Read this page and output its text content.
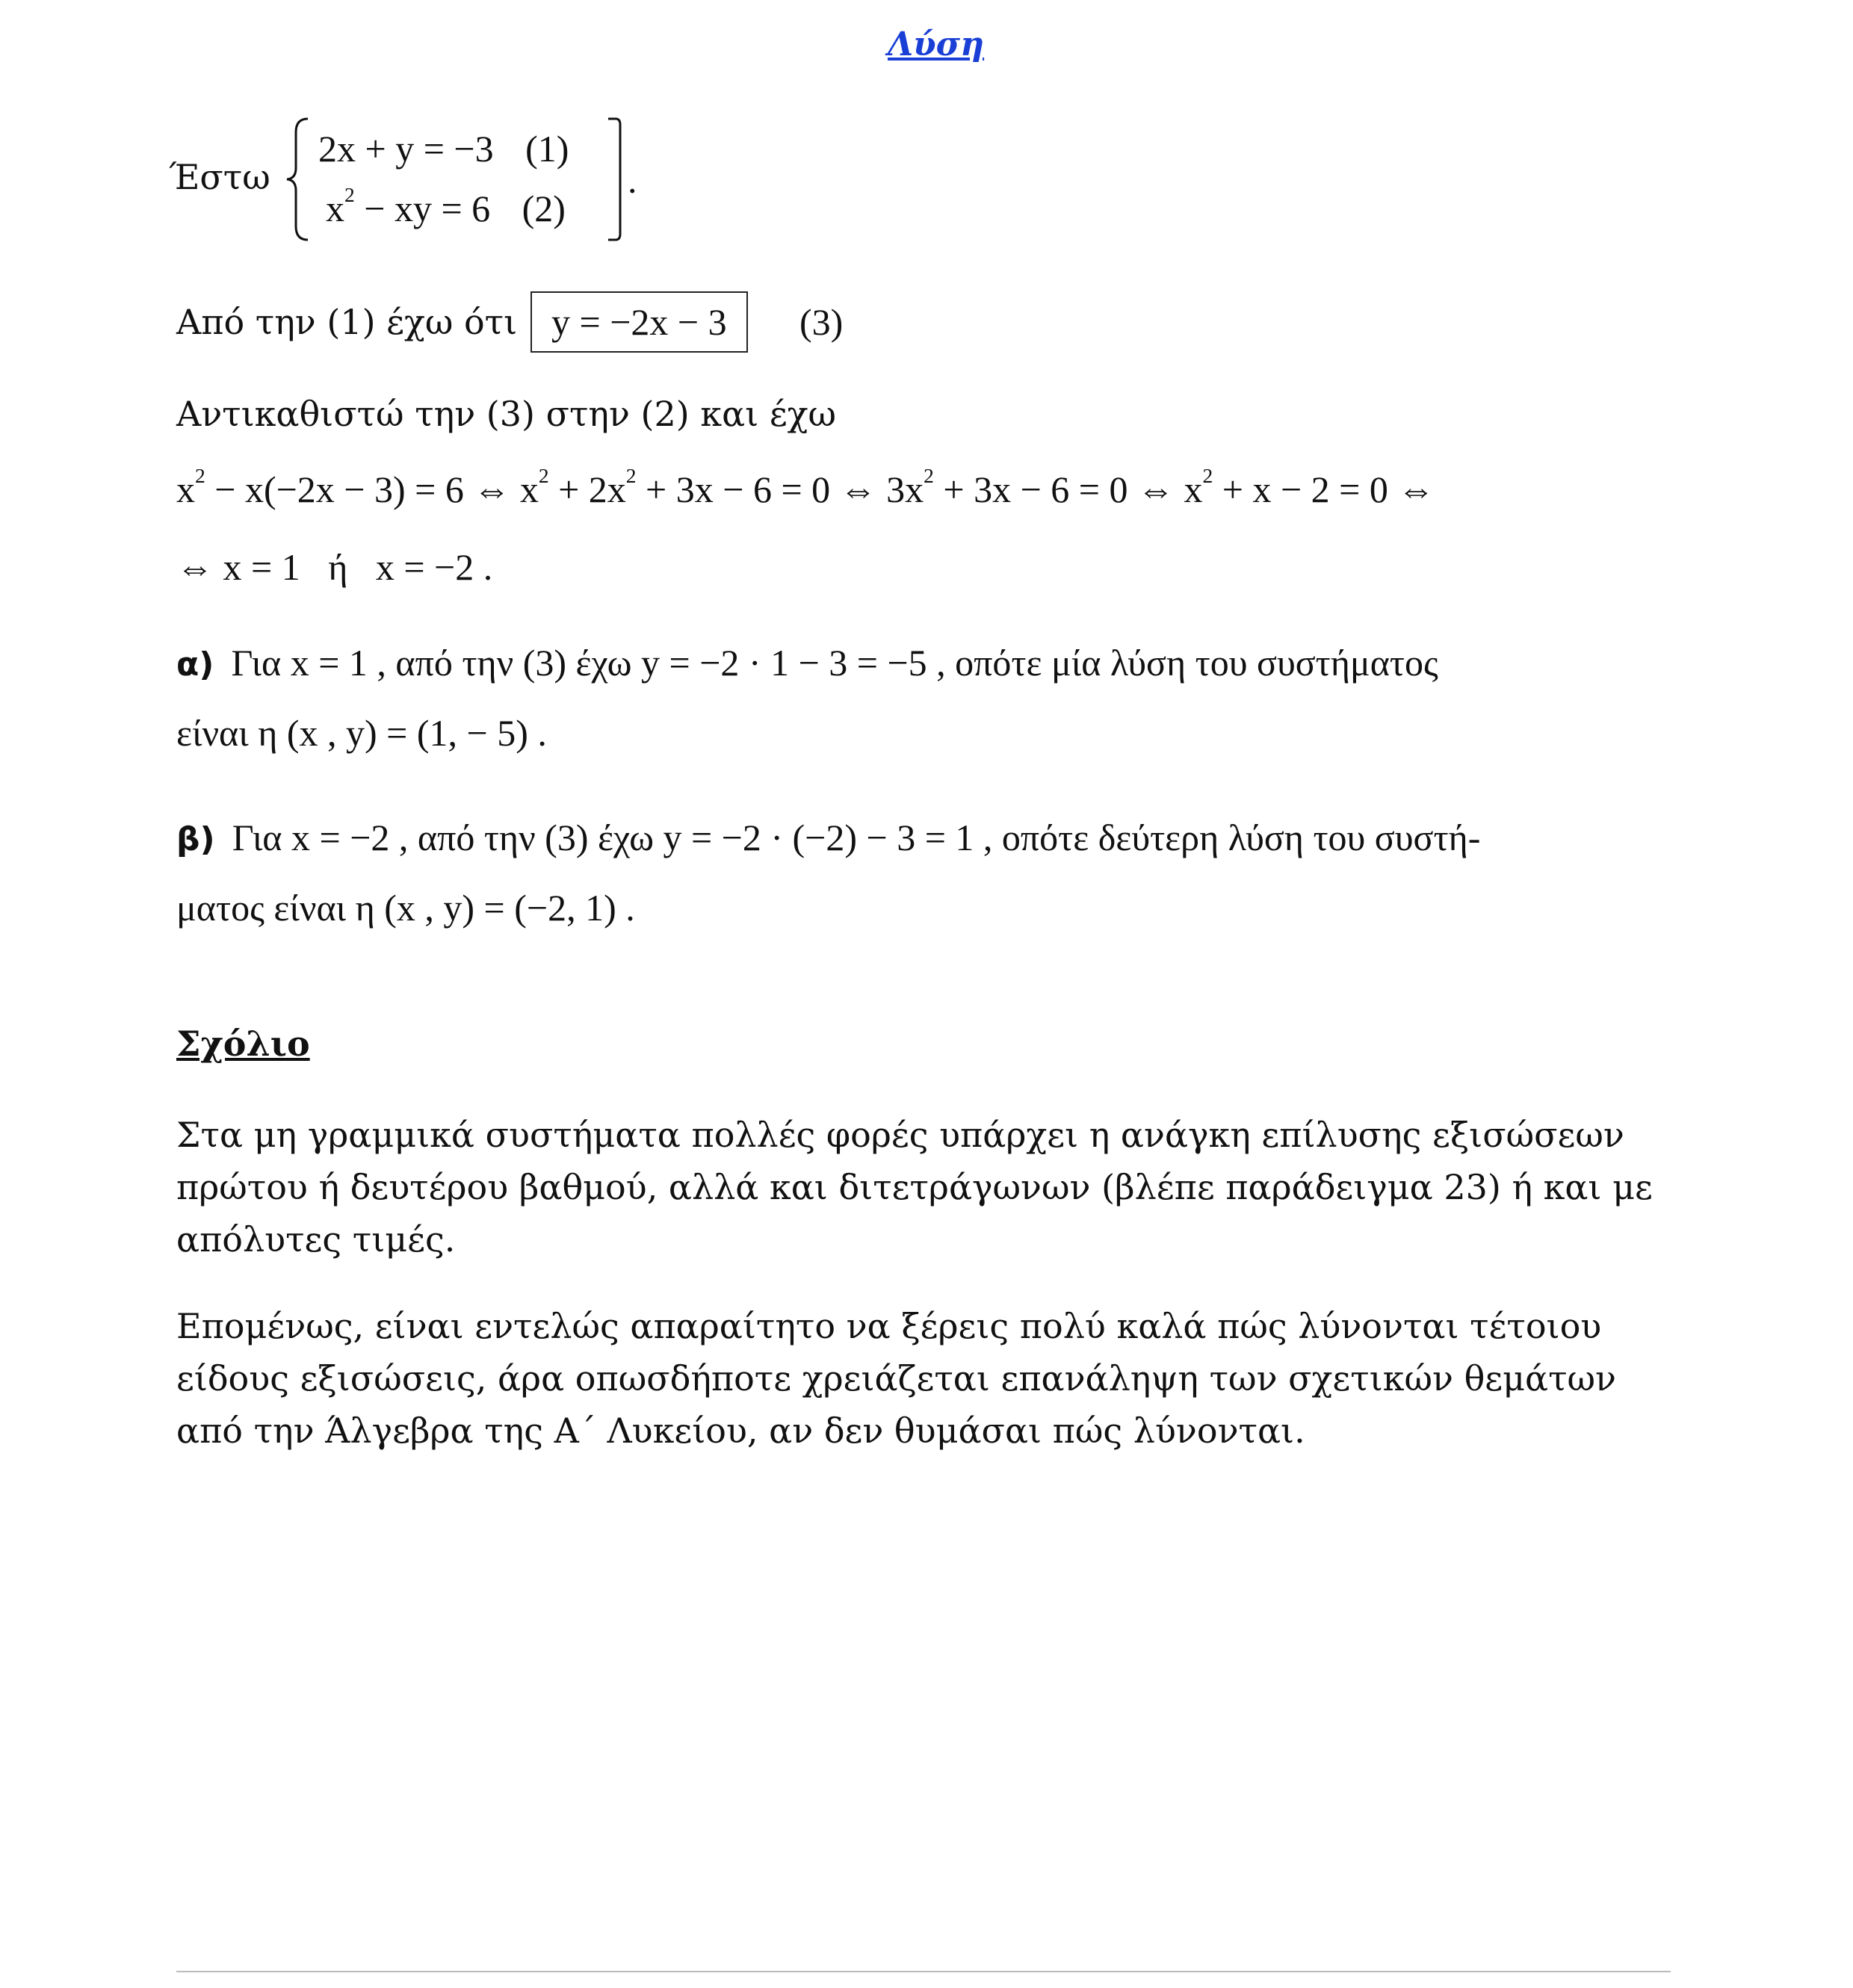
Λύση
Έστω
2x + y = −3 (1)
$x^2$ − xy = 6 (2)
.
Από την (1) έχω ότι y = −2x − 3	(3)
Αντικαθιστώ την (3) στην (2) και έχω
$x^2 - x(-2x - 3) = 6$ ⇔ $x^2 + 2x^2 + 3x - 6 = 0$ ⇔ $3x^2 + 3x - 6 = 0$ ⇔ $x^2 + x - 2 = 0$ ⇔
⇔ x = 1   ή   x = −2 .
α) Για x = 1 , από την (3) έχω y = −2 · 1 − 3 = −5 , οπότε μία λύση του συστήματος
είναι η (x , y) = (1, − 5) .
β) Για x = −2 , από την (3) έχω y = −2 · (−2) − 3 = 1 , οπότε δεύτερη λύση του συστή-
ματος είναι η (x , y) = (−2, 1) .
Σχόλιο
Στα μη γραμμικά συστήματα πολλές φορές υπάρχει η ανάγκη επίλυσης εξισώσεων πρώτου ή δευτέρου βαθμού, αλλά και διτετράγωνων (βλέπε παράδειγμα 23) ή και με απόλυτες τιμές.
Επομένως, είναι εντελώς απαραίτητο να ξέρεις πολύ καλά πώς λύνονται τέτοιου είδους εξισώσεις, άρα οπωσδήποτε χρειάζεται επανάληψη των σχετικών θεμάτων από την Άλγεβρα της Α΄ Λυκείου, αν δεν θυμάσαι πώς λύνονται.
